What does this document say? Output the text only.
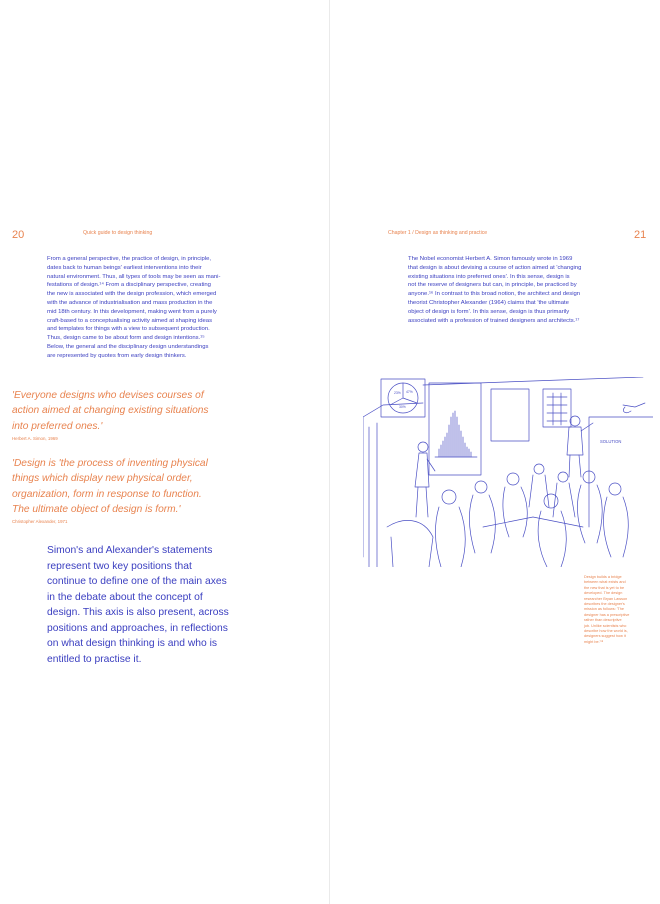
20	Quick guide to design thinking

From a general perspective, the practice of design, in principle,

dates back to human beings' earliest interventions into their

natural environment. Thus, all types of tools may be seen as mani-

festations of design.¹⁴ From a disciplinary perspective, creating

the new is associated with the design profession, which emerged

with the advance of industrialisation and mass production in the

mid 18th century. In this development, making went from a purely

craft-based to a conceptualising activity aimed at shaping ideas

and templates for things with a view to subsequent production.

Thus, design came to be about form and design intentions.¹⁵

Below, the general and the disciplinary design understandings

are represented by quotes from early design thinkers.

'Everyone designs who devises courses of

action aimed at changing existing situations

into preferred ones.'

Herbert A. Simon, 1969

'Design is 'the process of inventing physical

things which display new physical order,

organization, form in response to function.

The ultimate object of design is form.'

Christopher Alexander, 1971
Simon's and Alexander's statements
represent two key positions that
continue to define one of the main axes
in the debate about the concept of
design. This axis is also present, across
positions and approaches, in reflections
on what design thinking is and who is
entitled to practise it.
Chapter 1 / Design as thinking and practice	21

The Nobel economist Herbert A. Simon famously wrote in 1969

that design is about devising a course of action aimed at 'changing

existing situations into preferred ones'. In this sense, design is

not the reserve of designers but can, in principle, be practiced by

anyone.¹⁶ In contrast to this broad notion, the architect and design

theorist Christopher Alexander (1964) claims that 'the ultimate

object of design is form'. In this sense, design is thus primarily

associated with a profession of trained designers and architects.¹⁷

23% 47%
30%
SOLUTION

Design builds a bridge

between what exists and

the new that is yet to be

developed. The design

researcher Bryan Lawson

describes the designer's

mission as follows: 'The

designer has a prescriptive

rather than descriptive

job. Unlike scientists who

describe how the world is,

designers suggest how it

might be.'¹⁸
